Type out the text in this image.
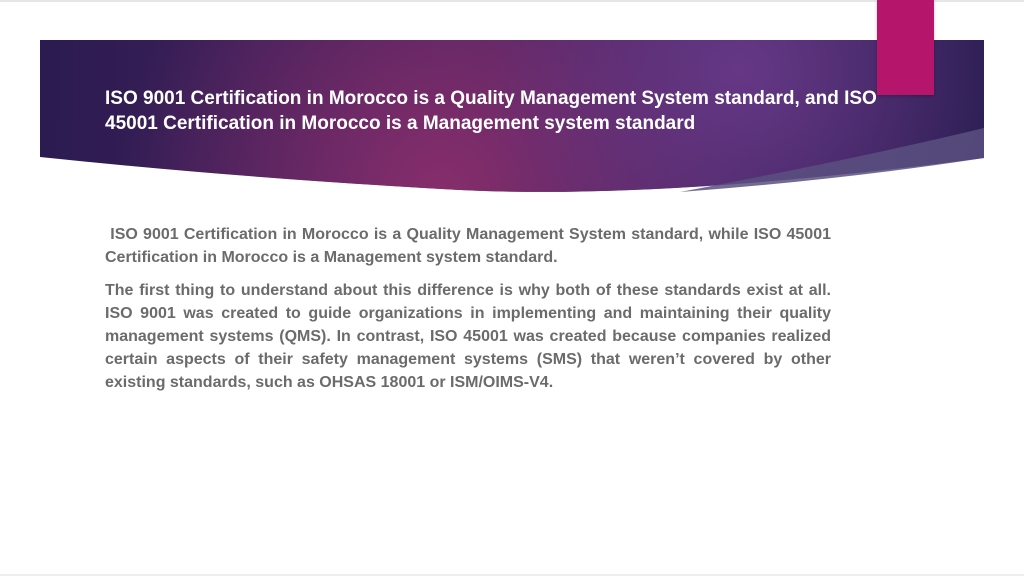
ISO 9001 Certification in Morocco is a Quality Management System standard, and ISO 45001 Certification in Morocco is a Management system standard

ISO 9001 Certification in Morocco is a Quality Management System standard, while ISO 45001 Certification in Morocco is a Management system standard.

The first thing to understand about this difference is why both of these standards exist at all. ISO 9001 was created to guide organizations in implementing and maintaining their quality management systems (QMS). In contrast, ISO 45001 was created because companies realized certain aspects of their safety management systems (SMS) that weren’t covered by other existing standards, such as OHSAS 18001 or ISM/OIMS-V4.
